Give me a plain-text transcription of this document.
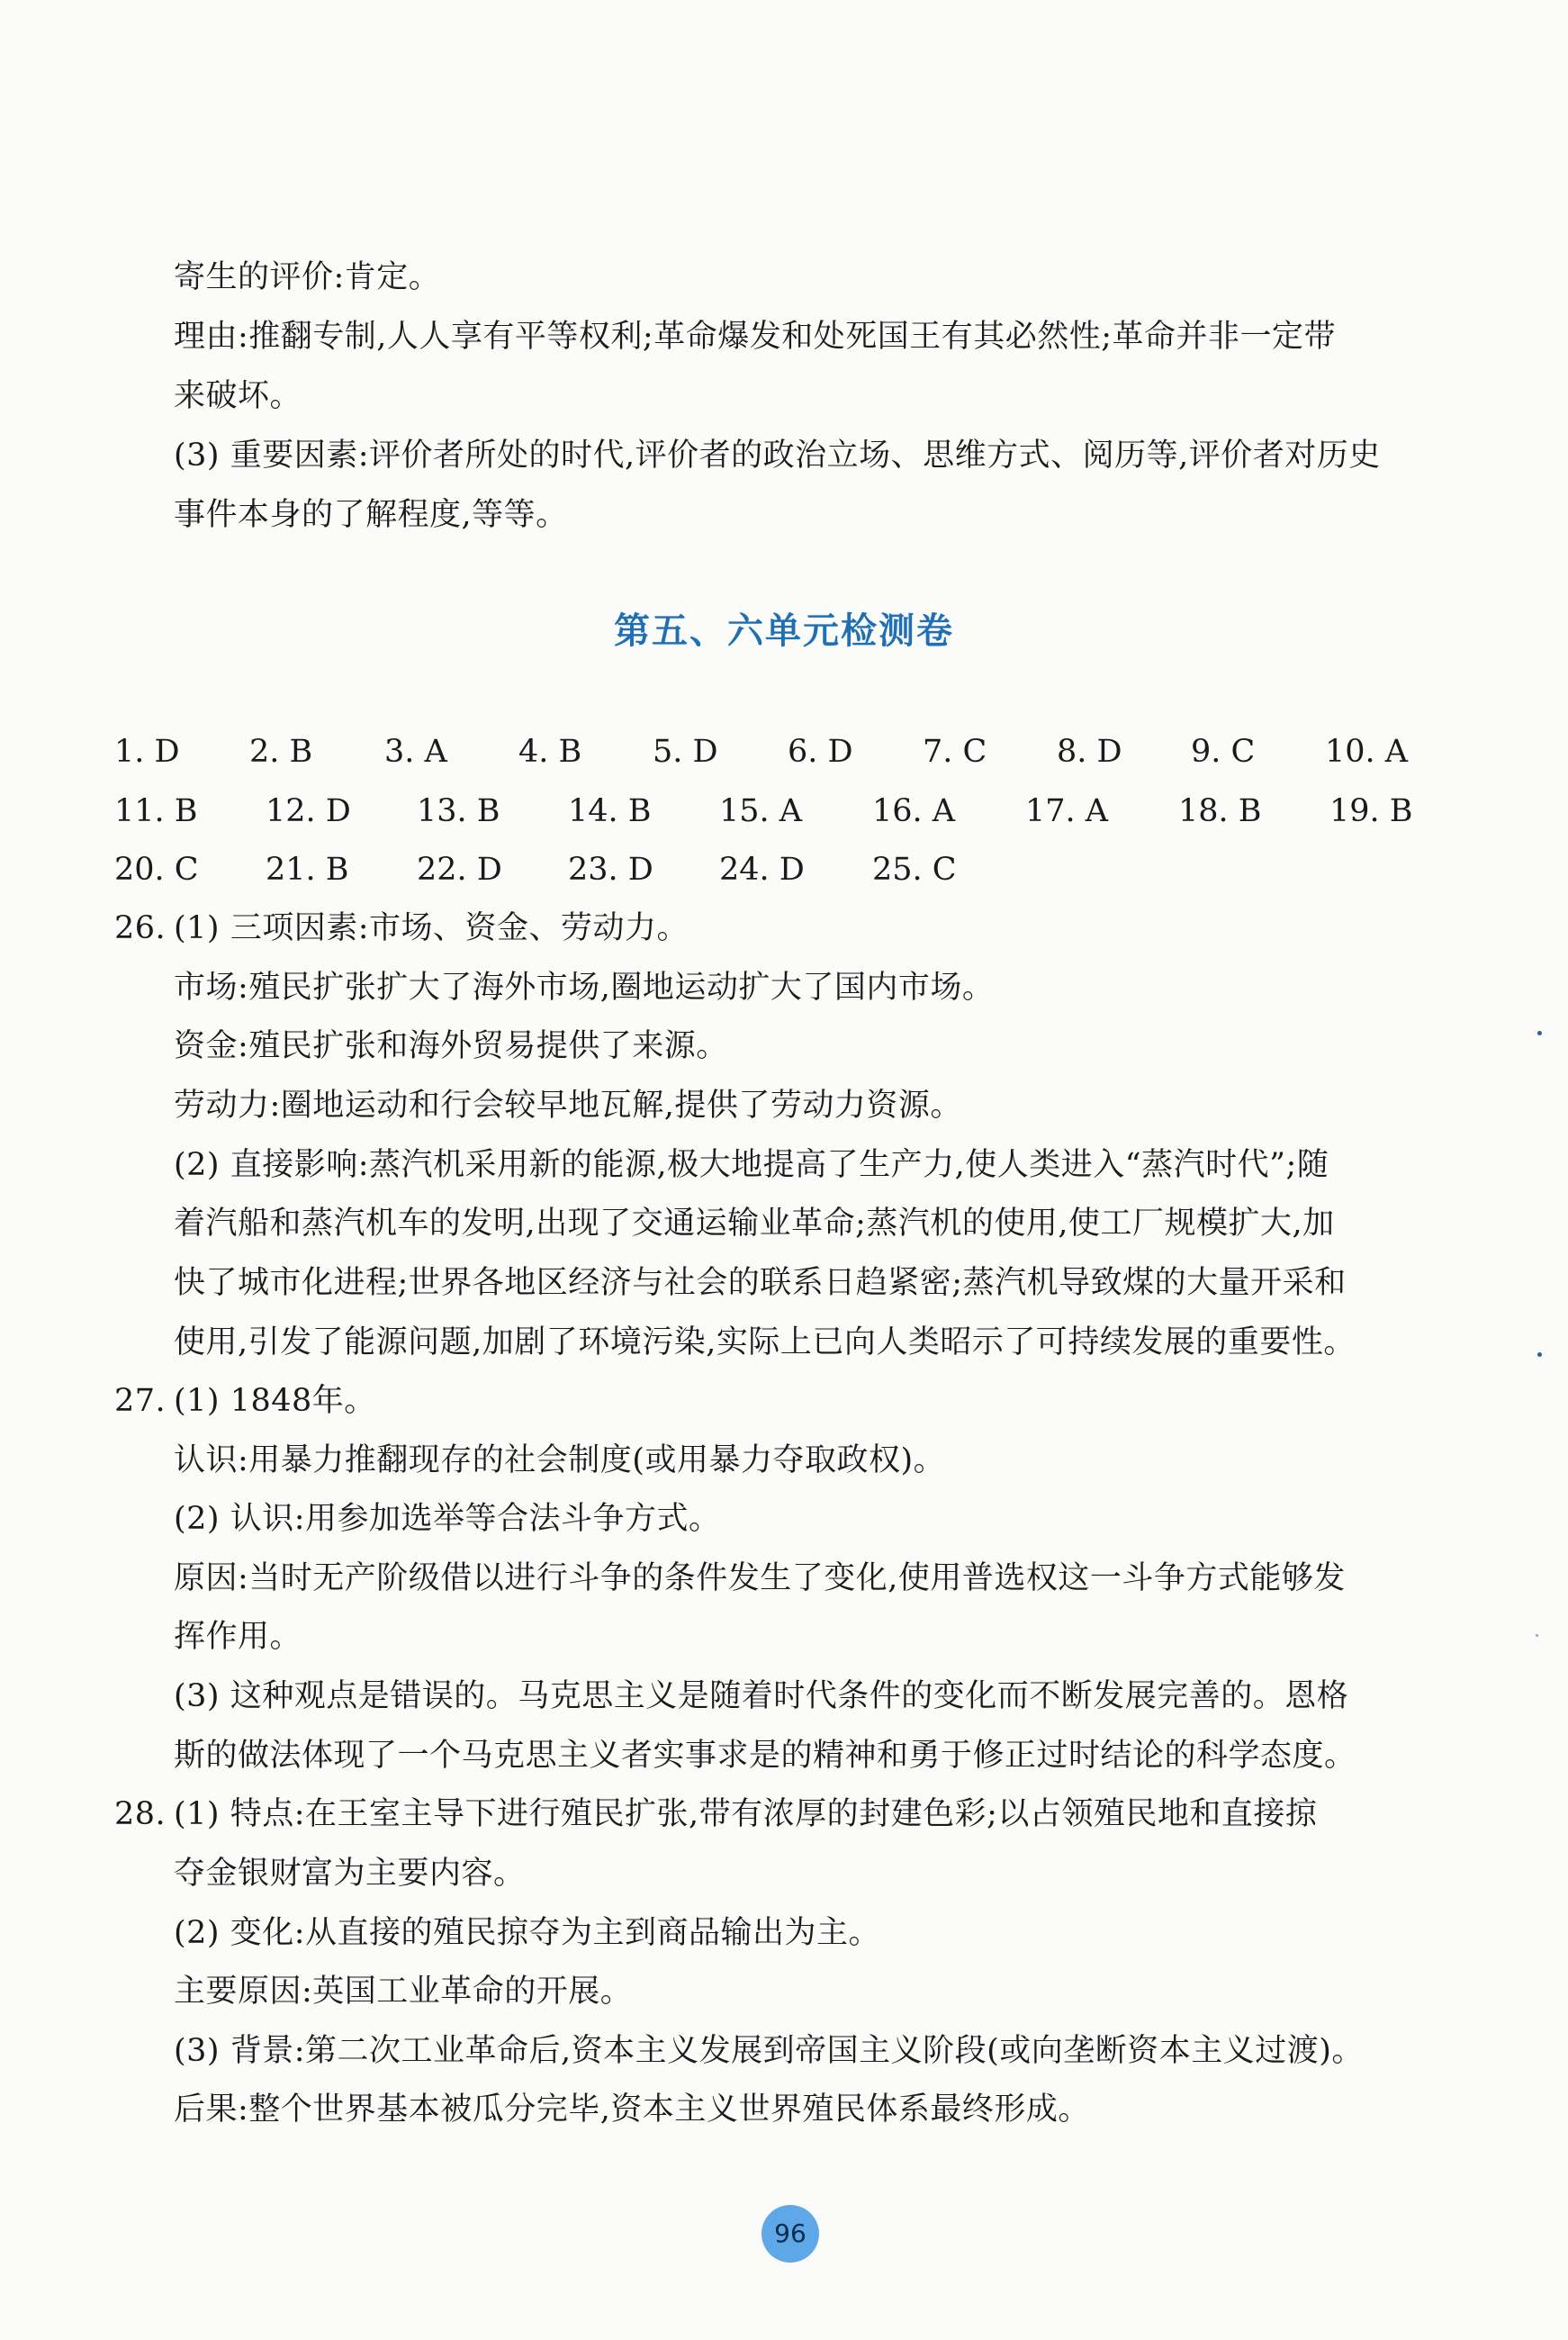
寄生的评价:肯定。
理由:推翻专制,人人享有平等权利;革命爆发和处死国王有其必然性;革命并非一定带
来破坏。
(3) 重要因素:评价者所处的时代,评价者的政治立场、思维方式、阅历等,评价者对历史
事件本身的了解程度,等等。
第五、六单元检测卷
1. D 2. B 3. A 4. B 5. D 6. D 7. C 8. D 9. C 10. A
11. B 12. D 13. B 14. B 15. A 16. A 17. A 18. B 19. B
20. C 21. B 22. D 23. D 24. D 25. C
26. (1) 三项因素:市场、资金、劳动力。
市场:殖民扩张扩大了海外市场,圈地运动扩大了国内市场。
资金:殖民扩张和海外贸易提供了来源。
劳动力:圈地运动和行会较早地瓦解,提供了劳动力资源。
(2) 直接影响:蒸汽机采用新的能源,极大地提高了生产力,使人类进入“蒸汽时代”;随
着汽船和蒸汽机车的发明,出现了交通运输业革命;蒸汽机的使用,使工厂规模扩大,加
快了城市化进程;世界各地区经济与社会的联系日趋紧密;蒸汽机导致煤的大量开采和
使用,引发了能源问题,加剧了环境污染,实际上已向人类昭示了可持续发展的重要性。
27. (1) 1848年。
认识:用暴力推翻现存的社会制度(或用暴力夺取政权)。
(2) 认识:用参加选举等合法斗争方式。
原因:当时无产阶级借以进行斗争的条件发生了变化,使用普选权这一斗争方式能够发
挥作用。
(3) 这种观点是错误的。马克思主义是随着时代条件的变化而不断发展完善的。恩格
斯的做法体现了一个马克思主义者实事求是的精神和勇于修正过时结论的科学态度。
28. (1) 特点:在王室主导下进行殖民扩张,带有浓厚的封建色彩;以占领殖民地和直接掠
夺金银财富为主要内容。
(2) 变化:从直接的殖民掠夺为主到商品输出为主。
主要原因:英国工业革命的开展。
(3) 背景:第二次工业革命后,资本主义发展到帝国主义阶段(或向垄断资本主义过渡)。
后果:整个世界基本被瓜分完毕,资本主义世界殖民体系最终形成。
96
